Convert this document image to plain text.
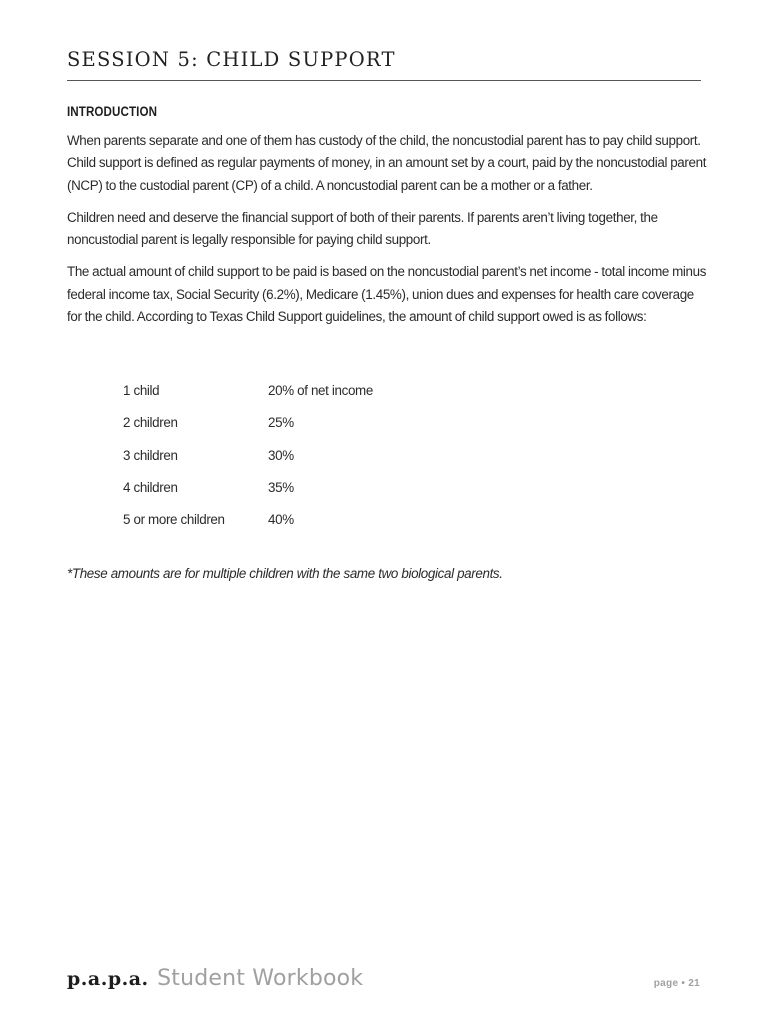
SESSION 5: CHILD SUPPORT
INTRODUCTION

When parents separate and one of them has custody of the child, the noncustodial parent has to pay child support. Child support is defined as regular payments of money, in an amount set by a court, paid by the noncustodial parent (NCP) to the custodial parent (CP) of a child. A noncustodial parent can be a mother or a father.

Children need and deserve the financial support of both of their parents. If parents aren’t living together, the noncustodial parent is legally responsible for paying child support.

The actual amount of child support to be paid is based on the noncustodial parent’s net income - total income minus federal income tax, Social Security (6.2%), Medicare (1.45%), union dues and expenses for health care coverage for the child. According to Texas Child Support guidelines, the amount of child support owed is as follows:

1 child	20% of net income
2 children	25%
3 children	30%
4 children	35%
5 or more children	40%

*These amounts are for multiple children with the same two biological parents.

p.a.p.a. Student Workbook	page • 21
